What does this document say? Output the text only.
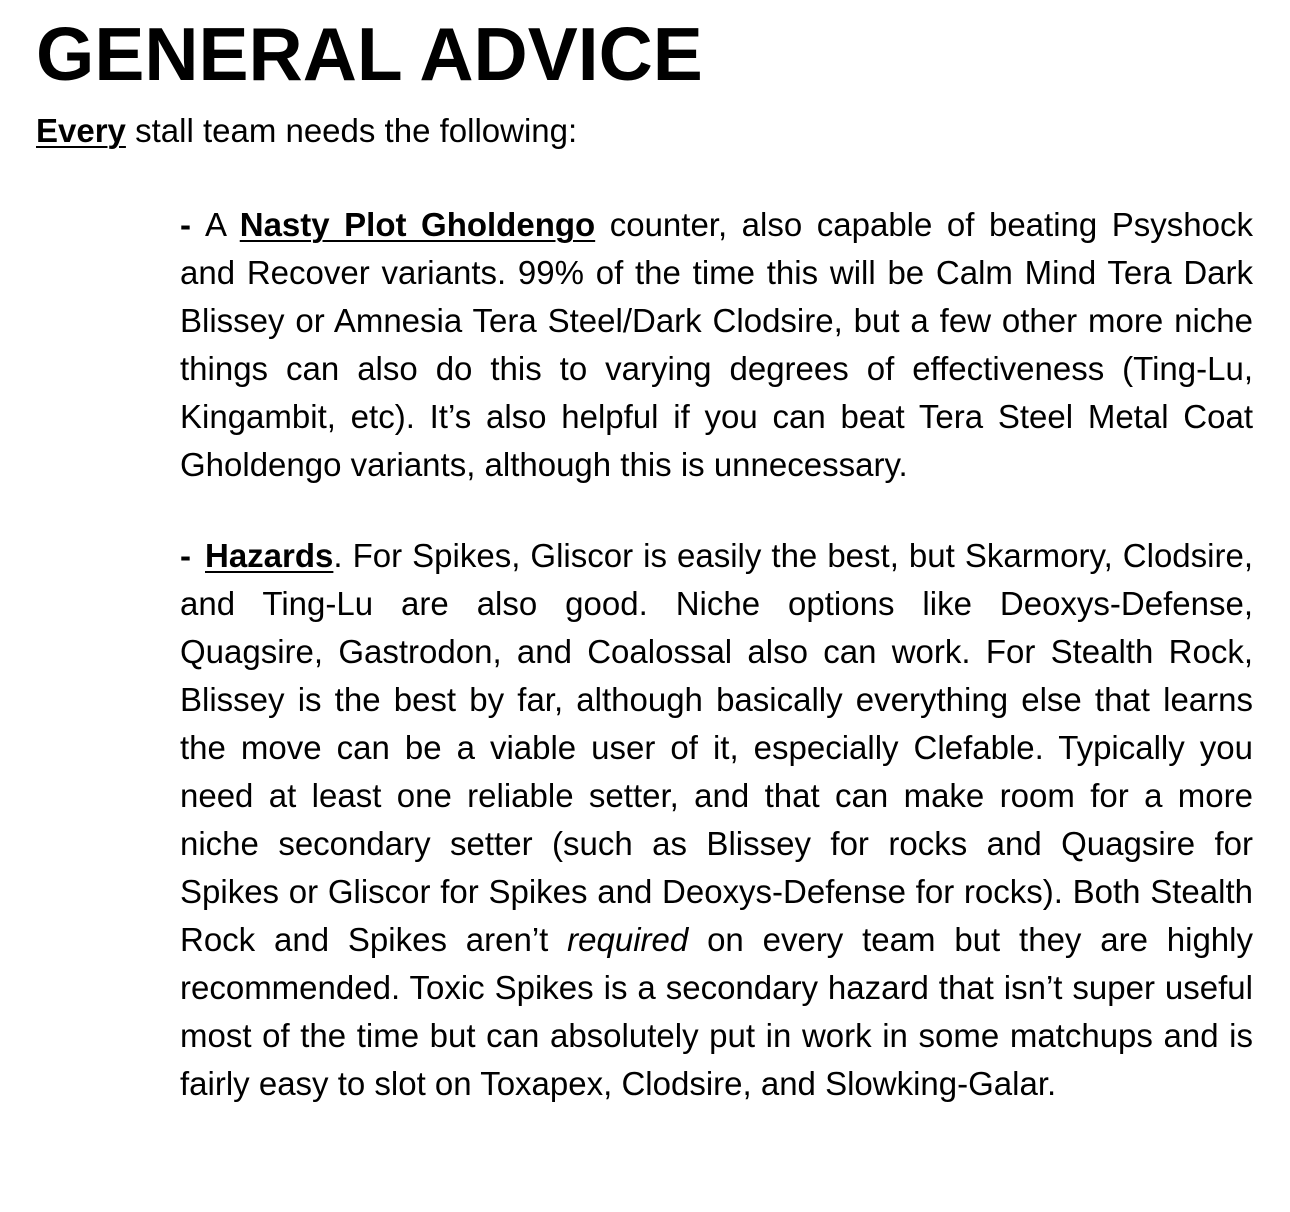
GENERAL ADVICE

Every stall team needs the following:

- A Nasty Plot Gholdengo counter, also capable of beating Psyshock and Recover variants. 99% of the time this will be Calm Mind Tera Dark Blissey or Amnesia Tera Steel/Dark Clodsire, but a few other more niche things can also do this to varying degrees of effectiveness (Ting-Lu, Kingambit, etc). It’s also helpful if you can beat Tera Steel Metal Coat Gholdengo variants, although this is unnecessary.
- Hazards. For Spikes, Gliscor is easily the best, but Skarmory, Clodsire, and Ting-Lu are also good. Niche options like Deoxys-Defense, Quagsire, Gastrodon, and Coalossal also can work. For Stealth Rock, Blissey is the best by far, although basically everything else that learns the move can be a viable user of it, especially Clefable. Typically you need at least one reliable setter, and that can make room for a more niche secondary setter (such as Blissey for rocks and Quagsire for Spikes or Gliscor for Spikes and Deoxys-Defense for rocks). Both Stealth Rock and Spikes aren’t required on every team but they are highly recommended. Toxic Spikes is a secondary hazard that isn’t super useful most of the time but can absolutely put in work in some matchups and is fairly easy to slot on Toxapex, Clodsire, and Slowking-Galar.
